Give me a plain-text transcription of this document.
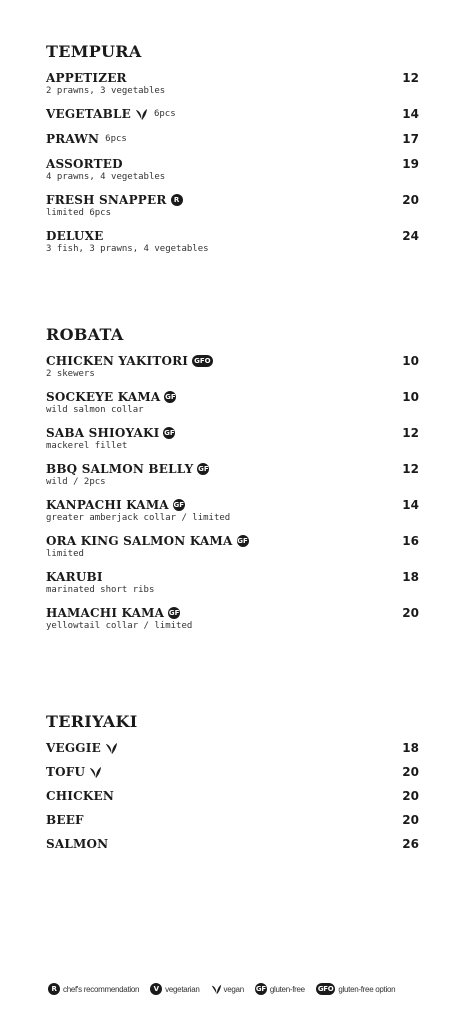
TEMPURA
APPETIZER	12
2 prawns, 3 vegetables
VEGETABLE	6pcs	14
PRAWN 6pcs	17
ASSORTED	19
4 prawns, 4 vegetables
FRESH SNAPPER	R	20
limited 6pcs
DELUXE	24
3 fish, 3 prawns, 4 vegetables
ROBATA
CHICKEN YAKITORI GFO	10
2 skewers
SOCKEYE KAMA GF	10
wild salmon collar
SABA SHIOYAKI GF	12
mackerel fillet
BBQ SALMON BELLY GF	12
wild / 2pcs
KANPACHI KAMA GF	14
greater amberjack collar / limited
ORA KING SALMON KAMA GF	16
limited
KARUBI	18
marinated short ribs
HAMACHI KAMA GF	20
yellowtail collar / limited
TERIYAKI
VEGGIE	18
TOFU	20
CHICKEN	20
BEEF	20
SALMON	26
R chef's recommendation	V vegetarian	vegan GF gluten-free GFO gluten-free option
